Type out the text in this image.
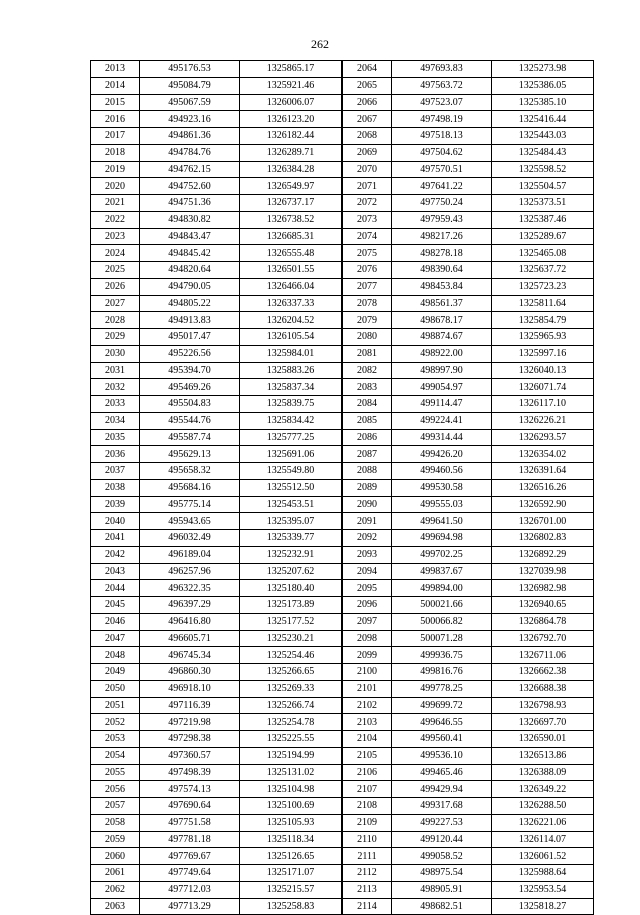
262
2013	495176.53	1325865.17
2014	495084.79	1325921.46
2015	495067.59	1326006.07
2016	494923.16	1326123.20
2017	494861.36	1326182.44
2018	494784.76	1326289.71
2019	494762.15	1326384.28
2020	494752.60	1326549.97
2021	494751.36	1326737.17
2022	494830.82	1326738.52
2023	494843.47	1326685.31
2024	494845.42	1326555.48
2025	494820.64	1326501.55
2026	494790.05	1326466.04
2027	494805.22	1326337.33
2028	494913.83	1326204.52
2029	495017.47	1326105.54
2030	495226.56	1325984.01
2031	495394.70	1325883.26
2032	495469.26	1325837.34
2033	495504.83	1325839.75
2034	495544.76	1325834.42
2035	495587.74	1325777.25
2036	495629.13	1325691.06
2037	495658.32	1325549.80
2038	495684.16	1325512.50
2039	495775.14	1325453.51
2040	495943.65	1325395.07
2041	496032.49	1325339.77
2042	496189.04	1325232.91
2043	496257.96	1325207.62
2044	496322.35	1325180.40
2045	496397.29	1325173.89
2046	496416.80	1325177.52
2047	496605.71	1325230.21
2048	496745.34	1325254.46
2049	496860.30	1325266.65
2050	496918.10	1325269.33
2051	497116.39	1325266.74
2052	497219.98	1325254.78
2053	497298.38	1325225.55
2054	497360.57	1325194.99
2055	497498.39	1325131.02
2056	497574.13	1325104.98
2057	497690.64	1325100.69
2058	497751.58	1325105.93
2059	497781.18	1325118.34
2060	497769.67	1325126.65
2061	497749.64	1325171.07
2062	497712.03	1325215.57
2063	497713.29	1325258.83
2064	497693.83	1325273.98
2065	497563.72	1325386.05
2066	497523.07	1325385.10
2067	497498.19	1325416.44
2068	497518.13	1325443.03
2069	497504.62	1325484.43
2070	497570.51	1325598.52
2071	497641.22	1325504.57
2072	497750.24	1325373.51
2073	497959.43	1325387.46
2074	498217.26	1325289.67
2075	498278.18	1325465.08
2076	498390.64	1325637.72
2077	498453.84	1325723.23
2078	498561.37	1325811.64
2079	498678.17	1325854.79
2080	498874.67	1325965.93
2081	498922.00	1325997.16
2082	498997.90	1326040.13
2083	499054.97	1326071.74
2084	499114.47	1326117.10
2085	499224.41	1326226.21
2086	499314.44	1326293.57
2087	499426.20	1326354.02
2088	499460.56	1326391.64
2089	499530.58	1326516.26
2090	499555.03	1326592.90
2091	499641.50	1326701.00
2092	499694.98	1326802.83
2093	499702.25	1326892.29
2094	499837.67	1327039.98
2095	499894.00	1326982.98
2096	500021.66	1326940.65
2097	500066.82	1326864.78
2098	500071.28	1326792.70
2099	499936.75	1326711.06
2100	499816.76	1326662.38
2101	499778.25	1326688.38
2102	499699.72	1326798.93
2103	499646.55	1326697.70
2104	499560.41	1326590.01
2105	499536.10	1326513.86
2106	499465.46	1326388.09
2107	499429.94	1326349.22
2108	499317.68	1326288.50
2109	499227.53	1326221.06
2110	499120.44	1326114.07
2111	499058.52	1326061.52
2112	498975.54	1325988.64
2113	498905.91	1325953.54
2114	498682.51	1325818.27
